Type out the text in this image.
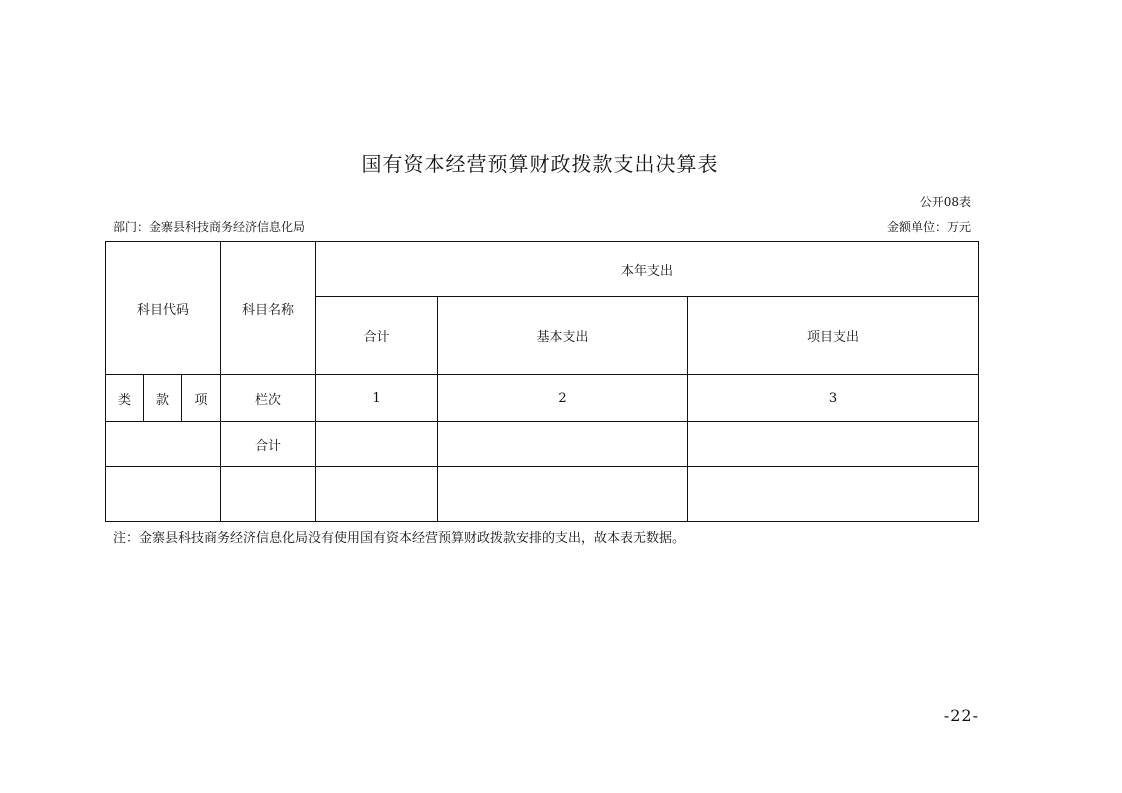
国有资本经营预算财政拨款支出决算表
公开08表
部门：金寨县科技商务经济信息化局	金额单位：万元
科目代码			科目名称	本年支出		
				合计	基本支出	项目支出
类	款	项	栏次	1	2	3
			合计			

注：金寨县科技商务经济信息化局没有使用国有资本经营预算财政拨款安排的支出，故本表无数据。
-22-
